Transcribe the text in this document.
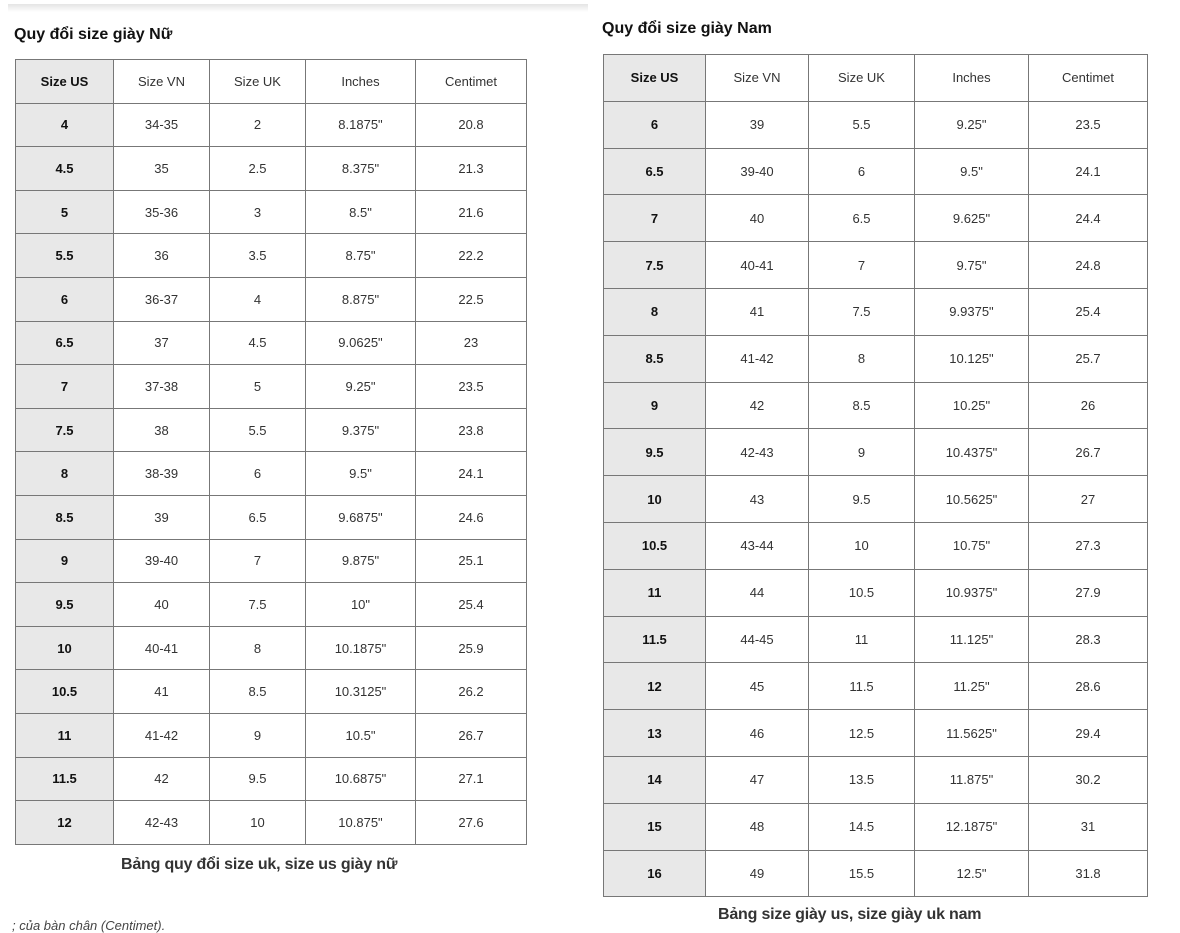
Quy đổi size giày Nữ
Size US	Size VN	Size UK	Inches	Centimet
4	34-35	2	8.1875"	20.8
4.5	35	2.5	8.375"	21.3
5	35-36	3	8.5"	21.6
5.5	36	3.5	8.75"	22.2
6	36-37	4	8.875"	22.5
6.5	37	4.5	9.0625"	23
7	37-38	5	9.25"	23.5
7.5	38	5.5	9.375"	23.8
8	38-39	6	9.5"	24.1
8.5	39	6.5	9.6875"	24.6
9	39-40	7	9.875"	25.1
9.5	40	7.5	10"	25.4
10	40-41	8	10.1875"	25.9
10.5	41	8.5	10.3125"	26.2
11	41-42	9	10.5"	26.7
11.5	42	9.5	10.6875"	27.1
12	42-43	10	10.875"	27.6
Bảng quy đổi size uk, size us giày nữ
; của bàn chân (Centimet).
Quy đổi size giày Nam
Size US	Size VN	Size UK	Inches	Centimet
6	39	5.5	9.25"	23.5
6.5	39-40	6	9.5"	24.1
7	40	6.5	9.625"	24.4
7.5	40-41	7	9.75"	24.8
8	41	7.5	9.9375"	25.4
8.5	41-42	8	10.125"	25.7
9	42	8.5	10.25"	26
9.5	42-43	9	10.4375"	26.7
10	43	9.5	10.5625"	27
10.5	43-44	10	10.75"	27.3
11	44	10.5	10.9375"	27.9
11.5	44-45	11	11.125"	28.3
12	45	11.5	11.25"	28.6
13	46	12.5	11.5625"	29.4
14	47	13.5	11.875"	30.2
15	48	14.5	12.1875"	31
16	49	15.5	12.5"	31.8
Bảng size giày us, size giày uk nam
